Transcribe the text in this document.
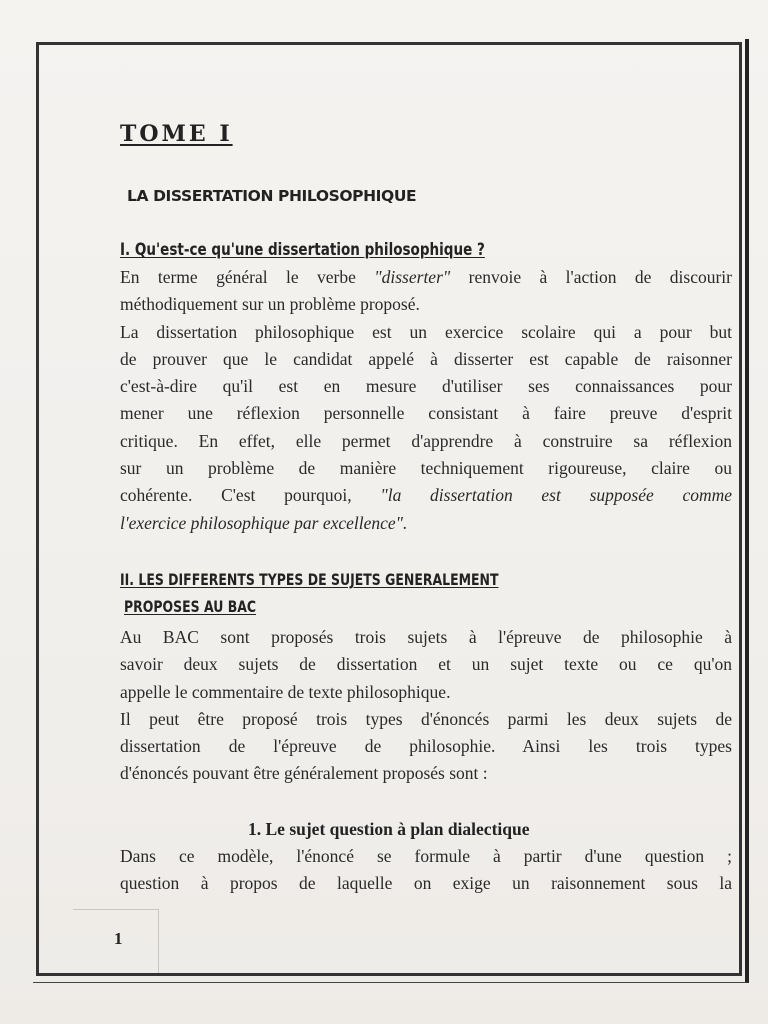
TOME I
LA DISSERTATION PHILOSOPHIQUE
I. Qu'est-ce qu'une dissertation philosophique ?
En terme général le verbe "disserter" renvoie à l'action de discourir
méthodiquement sur un problème proposé.
La dissertation philosophique est un exercice scolaire qui a pour but
de prouver que le candidat appelé à disserter est capable de raisonner
c'est-à-dire qu'il est en mesure d'utiliser ses connaissances pour
mener une réflexion personnelle consistant à faire preuve d'esprit
critique. En effet, elle permet d'apprendre à construire sa réflexion
sur un problème de manière techniquement rigoureuse, claire ou
cohérente. C'est pourquoi, "la dissertation est supposée comme
l'exercice philosophique par excellence".
II. LES DIFFERENTS TYPES DE SUJETS GENERALEMENT
PROPOSES AU BAC
Au BAC sont proposés trois sujets à l'épreuve de philosophie à
savoir deux sujets de dissertation et un sujet texte ou ce qu'on
appelle le commentaire de texte philosophique.
Il peut être proposé trois types d'énoncés parmi les deux sujets de
dissertation de l'épreuve de philosophie. Ainsi les trois types
d'énoncés pouvant être généralement proposés sont :
1. Le sujet question à plan dialectique
Dans ce modèle, l'énoncé se formule à partir d'une question ;
question à propos de laquelle on exige un raisonnement sous la
1
